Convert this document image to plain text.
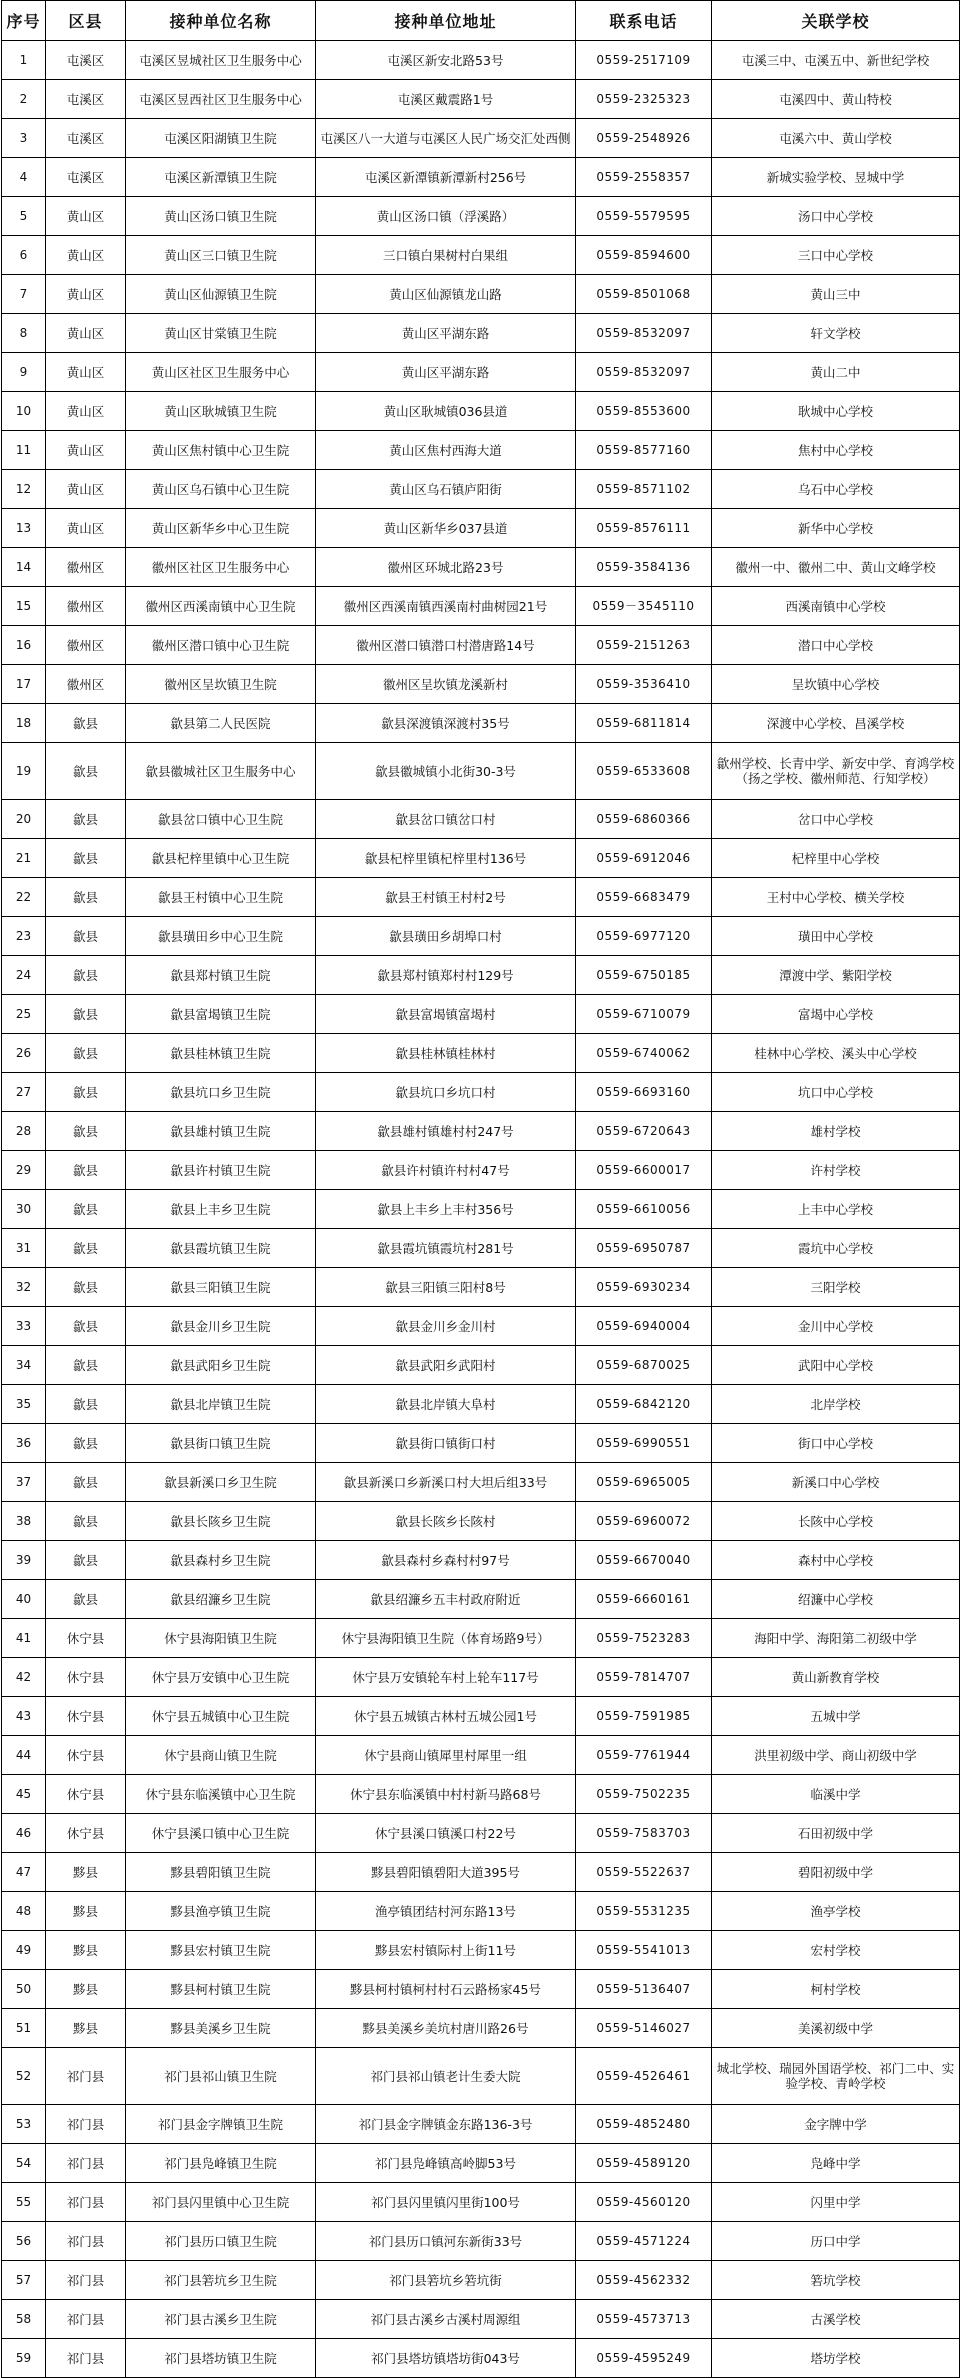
序号	区县	接种单位名称	接种单位地址	联系电话	关联学校
1	屯溪区	屯溪区昱城社区卫生服务中心	屯溪区新安北路53号	0559-2517109	屯溪三中、屯溪五中、新世纪学校
2	屯溪区	屯溪区昱西社区卫生服务中心	屯溪区戴震路1号	0559-2325323	屯溪四中、黄山特校
3	屯溪区	屯溪区阳湖镇卫生院	屯溪区八一大道与屯溪区人民广场交汇处西侧	0559-2548926	屯溪六中、黄山学校
4	屯溪区	屯溪区新潭镇卫生院	屯溪区新潭镇新潭新村256号	0559-2558357	新城实验学校、昱城中学
5	黄山区	黄山区汤口镇卫生院	黄山区汤口镇（浮溪路）	0559-5579595	汤口中心学校
6	黄山区	黄山区三口镇卫生院	三口镇白果树村白果组	0559-8594600	三口中心学校
7	黄山区	黄山区仙源镇卫生院	黄山区仙源镇龙山路	0559-8501068	黄山三中
8	黄山区	黄山区甘棠镇卫生院	黄山区平湖东路	0559-8532097	轩文学校
9	黄山区	黄山区社区卫生服务中心	黄山区平湖东路	0559-8532097	黄山二中
10	黄山区	黄山区耿城镇卫生院	黄山区耿城镇036县道	0559-8553600	耿城中心学校
11	黄山区	黄山区焦村镇中心卫生院	黄山区焦村西海大道	0559-8577160	焦村中心学校
12	黄山区	黄山区乌石镇中心卫生院	黄山区乌石镇庐阳街	0559-8571102	乌石中心学校
13	黄山区	黄山区新华乡中心卫生院	黄山区新华乡037县道	0559-8576111	新华中心学校
14	徽州区	徽州区社区卫生服务中心	徽州区环城北路23号	0559-3584136	徽州一中、徽州二中、黄山文峰学校
15	徽州区	徽州区西溪南镇中心卫生院	徽州区西溪南镇西溪南村曲树园21号	0559－3545110	西溪南镇中心学校
16	徽州区	徽州区潜口镇中心卫生院	徽州区潜口镇潜口村潜唐路14号	0559-2151263	潜口中心学校
17	徽州区	徽州区呈坎镇卫生院	徽州区呈坎镇龙溪新村	0559-3536410	呈坎镇中心学校
18	歙县	歙县第二人民医院	歙县深渡镇深渡村35号	0559-6811814	深渡中心学校、昌溪学校
19	歙县	歙县徽城社区卫生服务中心	歙县徽城镇小北街30-3号	0559-6533608	歙州学校、长青中学、新安中学、育鸿学校（扬之学校、徽州师范、行知学校）
20	歙县	歙县岔口镇中心卫生院	歙县岔口镇岔口村	0559-6860366	岔口中心学校
21	歙县	歙县杞梓里镇中心卫生院	歙县杞梓里镇杞梓里村136号	0559-6912046	杞梓里中心学校
22	歙县	歙县王村镇中心卫生院	歙县王村镇王村村2号	0559-6683479	王村中心学校、横关学校
23	歙县	歙县璜田乡中心卫生院	歙县璜田乡胡埠口村	0559-6977120	璜田中心学校
24	歙县	歙县郑村镇卫生院	歙县郑村镇郑村村129号	0559-6750185	潭渡中学、紫阳学校
25	歙县	歙县富堨镇卫生院	歙县富堨镇富堨村	0559-6710079	富堨中心学校
26	歙县	歙县桂林镇卫生院	歙县桂林镇桂林村	0559-6740062	桂林中心学校、溪头中心学校
27	歙县	歙县坑口乡卫生院	歙县坑口乡坑口村	0559-6693160	坑口中心学校
28	歙县	歙县雄村镇卫生院	歙县雄村镇雄村村247号	0559-6720643	雄村学校
29	歙县	歙县许村镇卫生院	歙县许村镇许村村47号	0559-6600017	许村学校
30	歙县	歙县上丰乡卫生院	歙县上丰乡上丰村356号	0559-6610056	上丰中心学校
31	歙县	歙县霞坑镇卫生院	歙县霞坑镇霞坑村281号	0559-6950787	霞坑中心学校
32	歙县	歙县三阳镇卫生院	歙县三阳镇三阳村8号	0559-6930234	三阳学校
33	歙县	歙县金川乡卫生院	歙县金川乡金川村	0559-6940004	金川中心学校
34	歙县	歙县武阳乡卫生院	歙县武阳乡武阳村	0559-6870025	武阳中心学校
35	歙县	歙县北岸镇卫生院	歙县北岸镇大阜村	0559-6842120	北岸学校
36	歙县	歙县街口镇卫生院	歙县街口镇街口村	0559-6990551	街口中心学校
37	歙县	歙县新溪口乡卫生院	歙县新溪口乡新溪口村大坦后组33号	0559-6965005	新溪口中心学校
38	歙县	歙县长陔乡卫生院	歙县长陔乡长陔村	0559-6960072	长陔中心学校
39	歙县	歙县森村乡卫生院	歙县森村乡森村村97号	0559-6670040	森村中心学校
40	歙县	歙县绍濂乡卫生院	歙县绍濂乡五丰村政府附近	0559-6660161	绍濂中心学校
41	休宁县	休宁县海阳镇卫生院	休宁县海阳镇卫生院（体育场路9号）	0559-7523283	海阳中学、海阳第二初级中学
42	休宁县	休宁县万安镇中心卫生院	休宁县万安镇轮车村上轮车117号	0559-7814707	黄山新教育学校
43	休宁县	休宁县五城镇中心卫生院	休宁县五城镇古林村五城公园1号	0559-7591985	五城中学
44	休宁县	休宁县商山镇卫生院	休宁县商山镇犀里村犀里一组	0559-7761944	洪里初级中学、商山初级中学
45	休宁县	休宁县东临溪镇中心卫生院	休宁县东临溪镇中村村新马路68号	0559-7502235	临溪中学
46	休宁县	休宁县溪口镇中心卫生院	休宁县溪口镇溪口村22号	0559-7583703	石田初级中学
47	黟县	黟县碧阳镇卫生院	黟县碧阳镇碧阳大道395号	0559-5522637	碧阳初级中学
48	黟县	黟县渔亭镇卫生院	渔亭镇团结村河东路13号	0559-5531235	渔亭学校
49	黟县	黟县宏村镇卫生院	黟县宏村镇际村上街11号	0559-5541013	宏村学校
50	黟县	黟县柯村镇卫生院	黟县柯村镇柯村村石云路杨家45号	0559-5136407	柯村学校
51	黟县	黟县美溪乡卫生院	黟县美溪乡美坑村唐川路26号	0559-5146027	美溪初级中学
52	祁门县	祁门县祁山镇卫生院	祁门县祁山镇老计生委大院	0559-4526461	城北学校、瑞园外国语学校、祁门二中、实验学校、青岭学校
53	祁门县	祁门县金字牌镇卫生院	祁门县金字牌镇金东路136-3号	0559-4852480	金字牌中学
54	祁门县	祁门县凫峰镇卫生院	祁门县凫峰镇高岭脚53号	0559-4589120	凫峰中学
55	祁门县	祁门县闪里镇中心卫生院	祁门县闪里镇闪里街100号	0559-4560120	闪里中学
56	祁门县	祁门县历口镇卫生院	祁门县历口镇河东新街33号	0559-4571224	历口中学
57	祁门县	祁门县箬坑乡卫生院	祁门县箬坑乡箬坑街	0559-4562332	箬坑学校
58	祁门县	祁门县古溪乡卫生院	祁门县古溪乡古溪村周源组	0559-4573713	古溪学校
59	祁门县	祁门县塔坊镇卫生院	祁门县塔坊镇塔坊街043号	0559-4595249	塔坊学校
